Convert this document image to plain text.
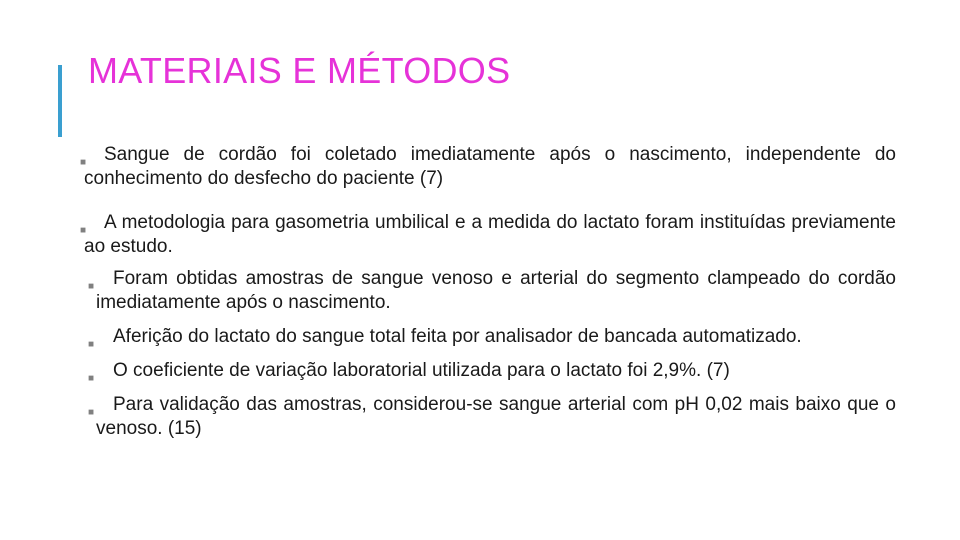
MATERIAIS E MÉTODOS

■ Sangue de cordão foi coletado imediatamente após o nascimento, independente do conhecimento do desfecho do paciente (7)

■ A metodologia para gasometria umbilical e a medida do lactato foram instituídas previamente ao estudo.

■ Foram obtidas amostras de sangue venoso e arterial do segmento clampeado do cordão imediatamente após o nascimento.

■ Aferição do lactato do sangue total feita por analisador de bancada automatizado.

■ O coeficiente de variação laboratorial utilizada para o lactato foi 2,9%. (7)

■ Para validação das amostras, considerou-se sangue arterial com pH 0,02 mais baixo que o venoso. (15)
